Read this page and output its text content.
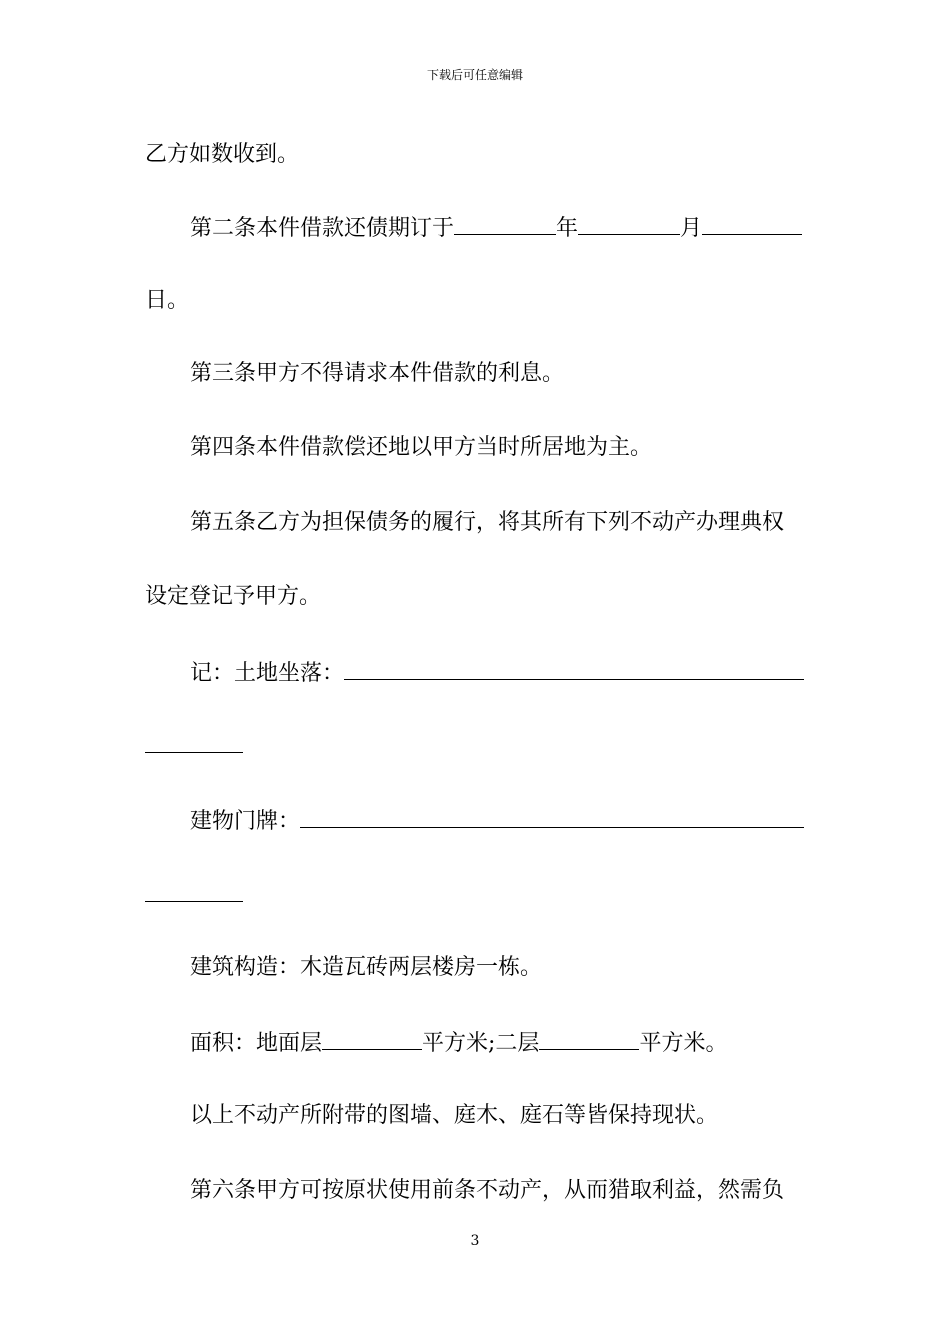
下载后可任意编辑
乙方如数收到。
第二条本件借款还债期订于	年	月
日。
第三条甲方不得请求本件借款的利息。
第四条本件借款偿还地以甲方当时所居地为主。
第五条乙方为担保债务的履行，将其所有下列不动产办理典权
设定登记予甲方。
记：土地坐落：
建物门牌：
建筑构造：木造瓦砖两层楼房一栋。
面积：地面层	平方米;二层	平方米。
以上不动产所附带的图墙、庭木、庭石等皆保持现状。
第六条甲方可按原状使用前条不动产，从而猎取利益，然需负
3
